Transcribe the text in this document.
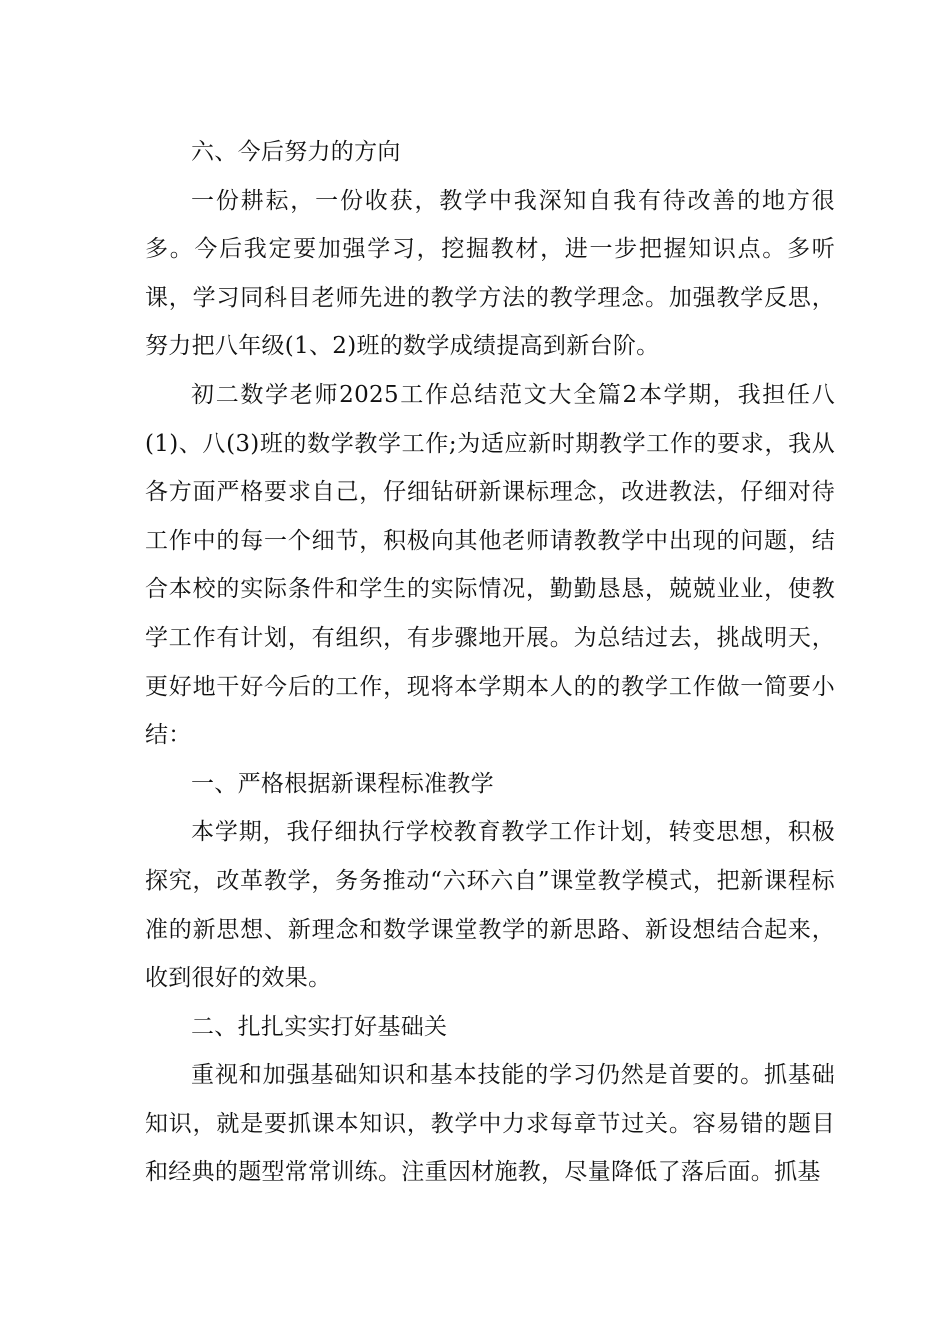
六、今后努力的方向

一份耕耘，一份收获，教学中我深知自我有待改善的地方很多。今后我定要加强学习，挖掘教材，进一步把握知识点。多听课，学习同科目老师先进的教学方法的教学理念。加强教学反思，努力把八年级(1、2)班的数学成绩提高到新台阶。

初二数学老师2025工作总结范文大全篇2本学期，我担任八(1)、八(3)班的数学教学工作;为适应新时期教学工作的要求，我从各方面严格要求自己，仔细钻研新课标理念，改进教法，仔细对待工作中的每一个细节，积极向其他老师请教教学中出现的问题，结合本校的实际条件和学生的实际情况，勤勤恳恳，兢兢业业，使教学工作有计划，有组织，有步骤地开展。为总结过去，挑战明天，更好地干好今后的工作，现将本学期本人的的教学工作做一简要小结：

一、严格根据新课程标准教学

本学期，我仔细执行学校教育教学工作计划，转变思想，积极探究，改革教学，务务推动“六环六自”课堂教学模式，把新课程标准的新思想、新理念和数学课堂教学的新思路、新设想结合起来，收到很好的效果。

二、扎扎实实打好基础关

重视和加强基础知识和基本技能的学习仍然是首要的。抓基础知识，就是要抓课本知识，教学中力求每章节过关。容易错的题目和经典的题型常常训练。注重因材施教，尽量降低了落后面。抓基
